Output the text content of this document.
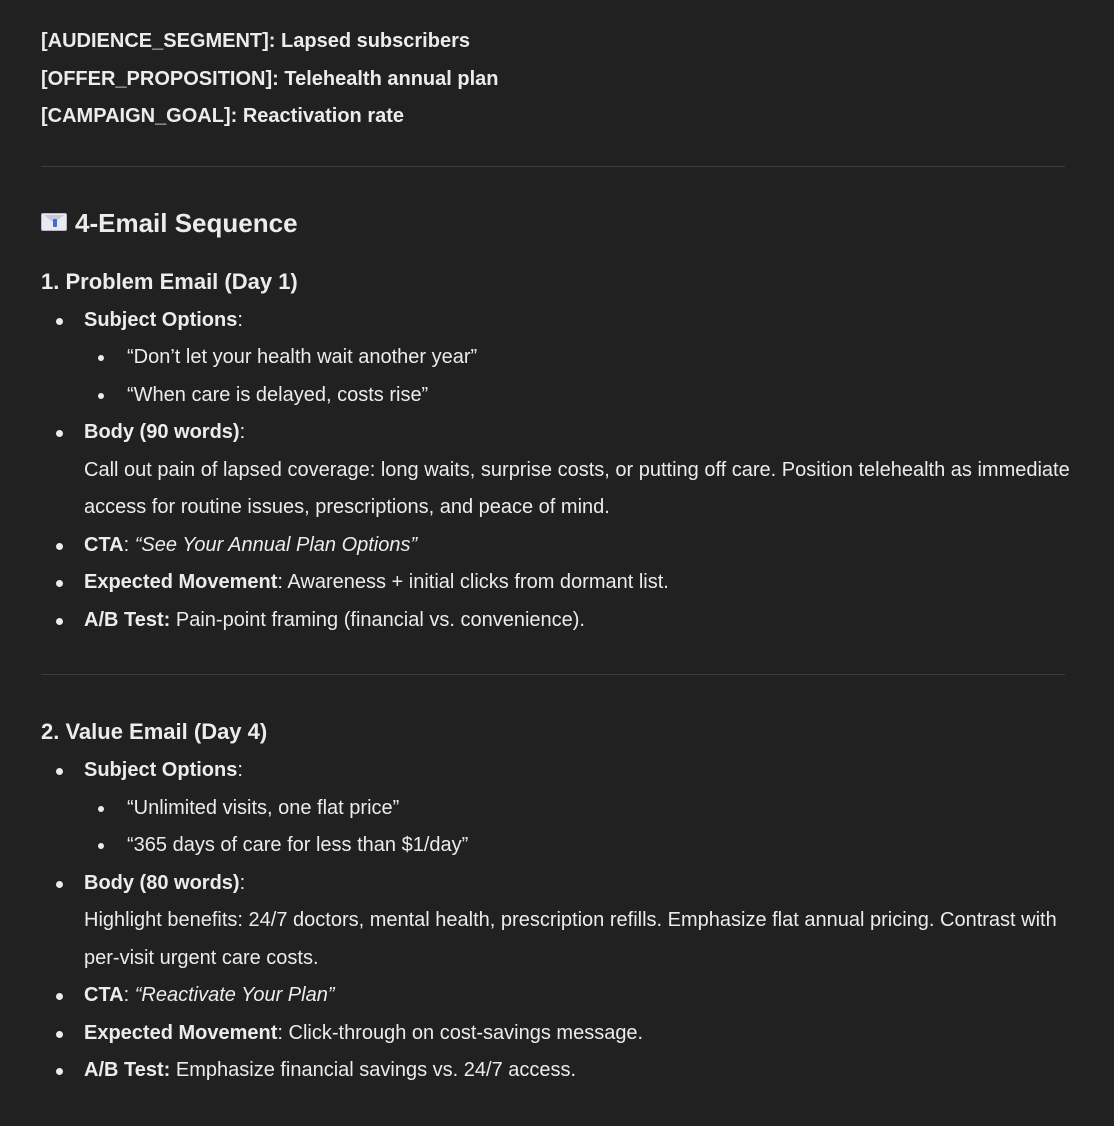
[AUDIENCE_SEGMENT]: Lapsed subscribers
[OFFER_PROPOSITION]: Telehealth annual plan
[CAMPAIGN_GOAL]: Reactivation rate
4-Email Sequence
1. Problem Email (Day 1)
Subject Options:
“Don’t let your health wait another year”
“When care is delayed, costs rise”
Body (90 words):
Call out pain of lapsed coverage: long waits, surprise costs, or putting off care. Position telehealth as immediate access for routine issues, prescriptions, and peace of mind.
CTA: “See Your Annual Plan Options”
Expected Movement: Awareness + initial clicks from dormant list.
A/B Test: Pain-point framing (financial vs. convenience).
2. Value Email (Day 4)
Subject Options:
“Unlimited visits, one flat price”
“365 days of care for less than $1/day”
Body (80 words):
Highlight benefits: 24/7 doctors, mental health, prescription refills. Emphasize flat annual pricing. Contrast with per-visit urgent care costs.
CTA: “Reactivate Your Plan”
Expected Movement: Click-through on cost-savings message.
A/B Test: Emphasize financial savings vs. 24/7 access.
